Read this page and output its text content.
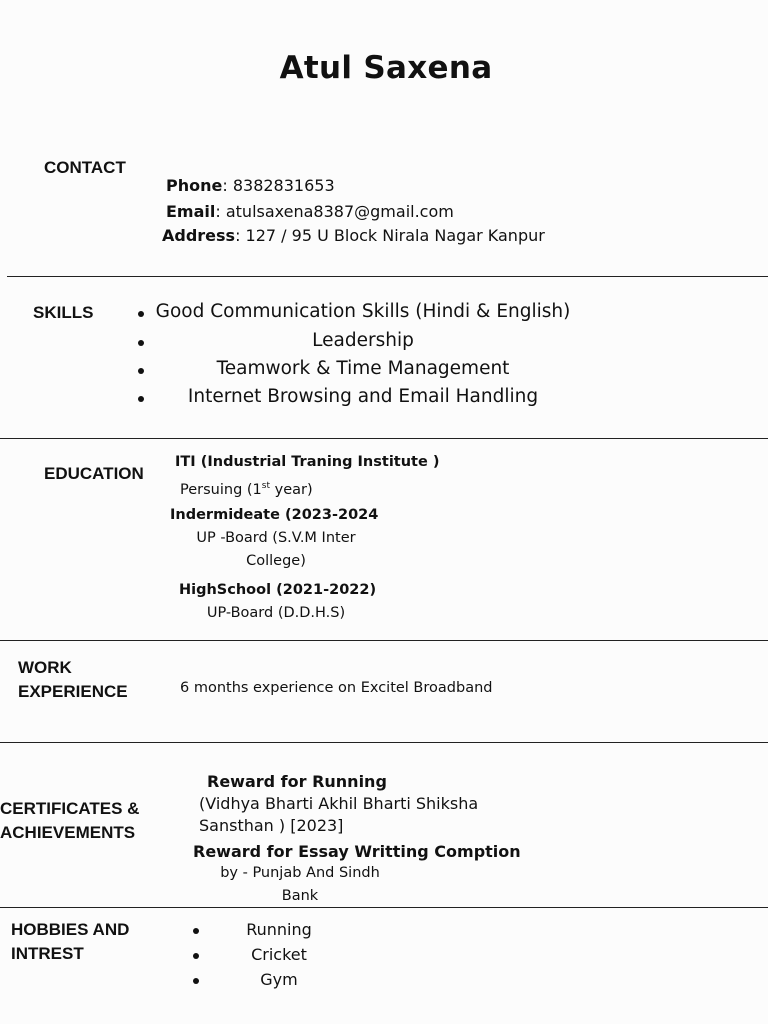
Atul Saxena
CONTACT
Phone: 8382831653
Email: atulsaxena8387@gmail.com
Address: 127 / 95 U Block Nirala Nagar Kanpur
SKILLS	Good Communication Skills (Hindi & English)
Leadership
Teamwork & Time Management
Internet Browsing and Email Handling
EDUCATION
ITI (Industrial Traning Institute )
Persuing (1st year)
Indermideate (2023-2024
UP -Board (S.V.M Inter
College)
HighSchool (2021-2022)
UP-Board (D.D.H.S)
WORK
EXPERIENCE	6 months experience on Excitel Broadband
CERTIFICATES &
ACHIEVEMENTS
Reward for Running
(Vidhya Bharti Akhil Bharti Shiksha
Sansthan ) [2023]
Reward for Essay Writting Comption
by - Punjab And Sindh
Bank
HOBBIES AND
INTREST
Running
Cricket
Gym
